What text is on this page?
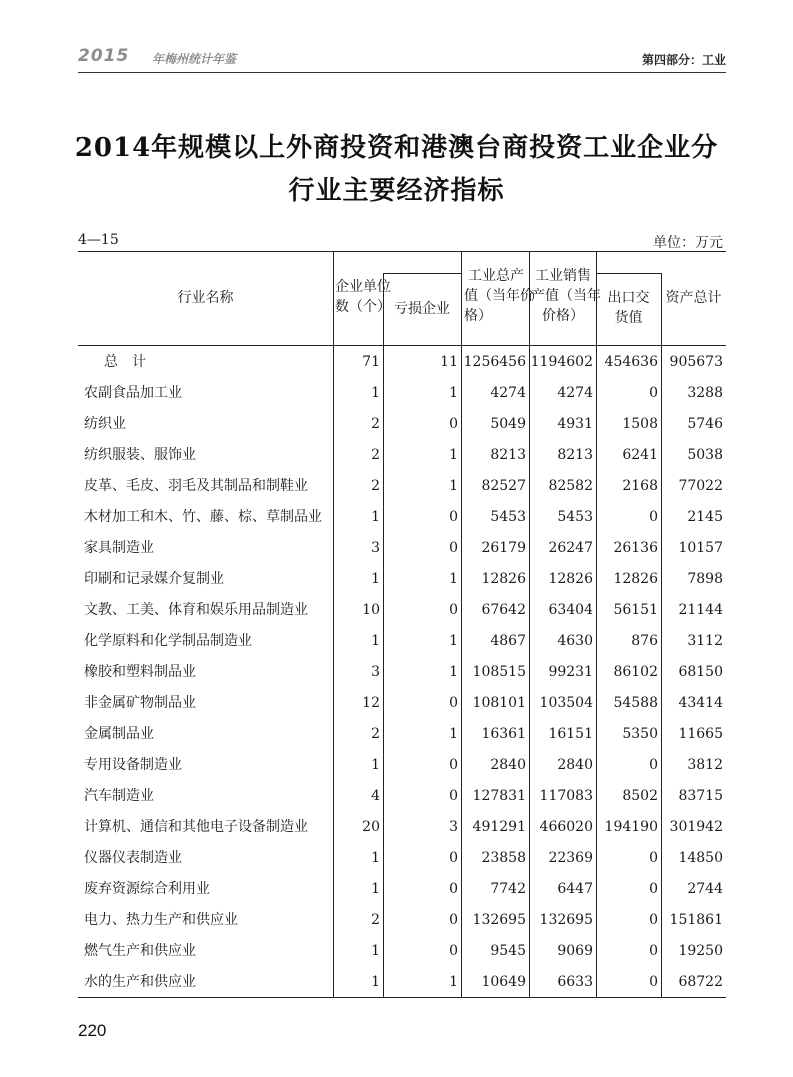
2015 年梅州统计年鉴	第四部分：工业
2014年规模以上外商投资和港澳台商投资工业企业分
行业主要经济指标
4—15	单位：万元
行业名称
企业单位
数（个） 亏损企业
工业总产
值（当年价
格）
工业销售
产值（当年
价格）
出口交
货值
资产总计
总　计	71	11 1256456 1194602 454636 905673
农副食品加工业	1	1	4274	4274	0	3288
纺织业	2	0	5049	4931	1508	5746
纺织服装、服饰业	2	1	8213	8213	6241	5038
皮革、毛皮、羽毛及其制品和制鞋业	2	1	82527	82582	2168	77022
木材加工和木、竹、藤、棕、草制品业	1	0	5453	5453	0	2145
家具制造业	3	0	26179	26247	26136	10157
印刷和记录媒介复制业	1	1	12826	12826	12826	7898
文教、工美、体育和娱乐用品制造业	10	0	67642	63404	56151	21144
化学原料和化学制品制造业	1	1	4867	4630	876	3112
橡胶和塑料制品业	3	1	108515	99231	86102	68150
非金属矿物制品业	12	0	108101 103504	54588	43414
金属制品业	2	1	16361	16151	5350	11665
专用设备制造业	1	0	2840	2840	0	3812
汽车制造业	4	0	127831 117083	8502	83715
计算机、通信和其他电子设备制造业	20	3	491291 466020 194190 301942
仪器仪表制造业	1	0	23858	22369	0	14850
废弃资源综合利用业	1	0	7742	6447	0	2744
电力、热力生产和供应业	2	0	132695 132695	0 151861
燃气生产和供应业	1	0	9545	9069	0	19250
水的生产和供应业	1	1	10649	6633	0	68722
220
